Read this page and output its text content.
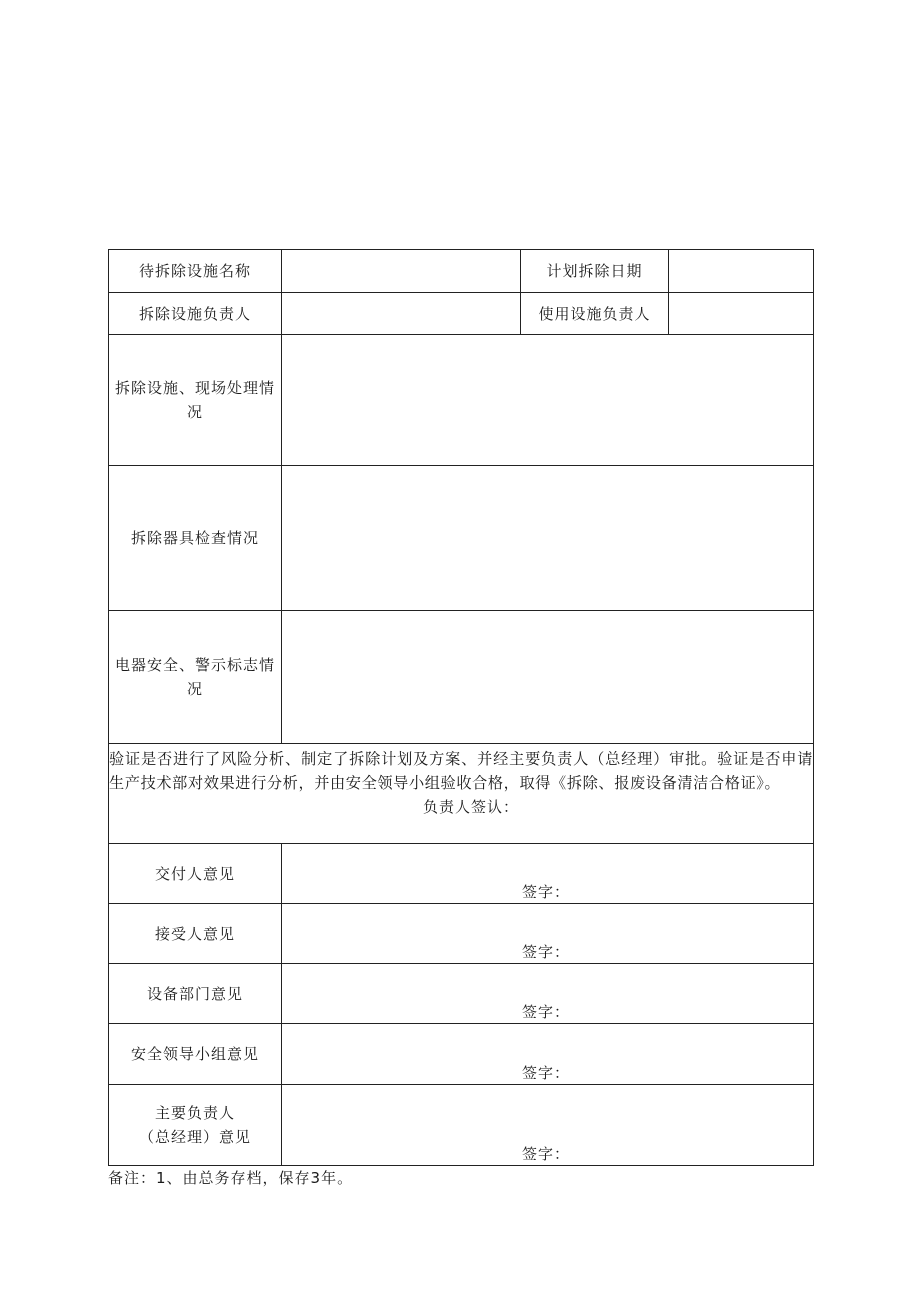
待拆除设施名称		计划拆除日期	
拆除设施负责人		使用设施负责人	
拆除设施、现场处理情况			
拆除器具检查情况			
电器安全、警示标志情况			

验证是否进行了风险分析、制定了拆除计划及方案、并经主要负责人（总经理）审批。验证是否申请生产技术部对效果进行分析，并由安全领导小组验收合格，取得《拆除、报废设备清洁合格证》。
负责人签认：			

交付人意见	签字：		

接受人意见	签字：		

设备部门意见	签字：		

安全领导小组意见	签字：		

主要负责人
（总经理）意见	签字：		
备注：1、由总务存档，保存3年。
